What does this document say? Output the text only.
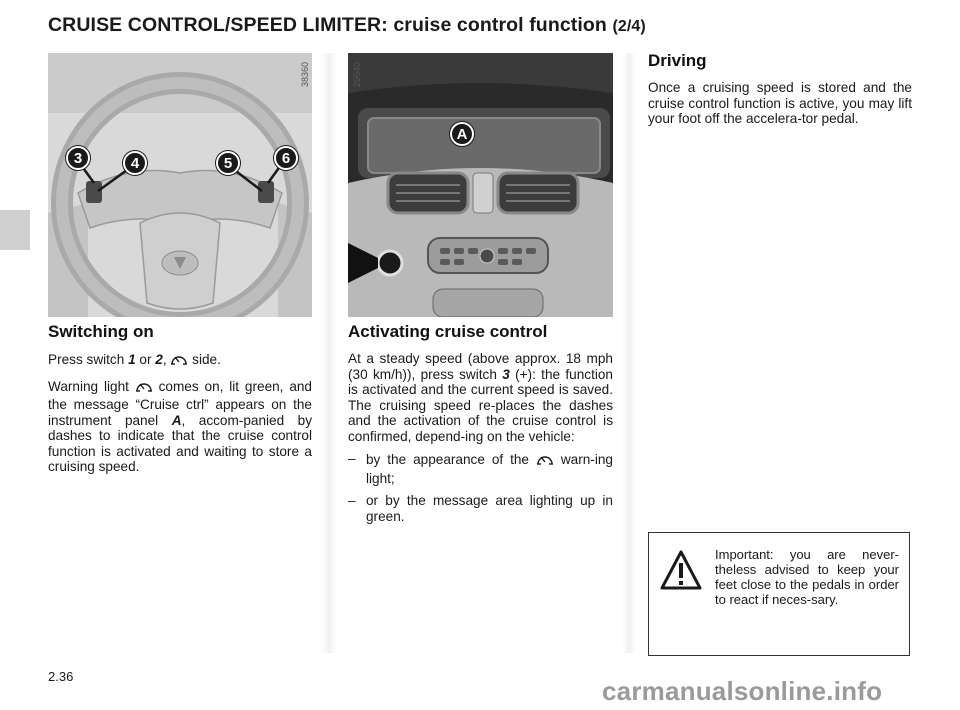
CRUISE CONTROL/SPEED LIMITER: cruise control function (2/4)
38360
3	4	5	6
29540
A
Switching on

Press switch 1 or 2,  side.

Warning light  comes on, lit green, and the message “Cruise ctrl” appears on the instrument panel A, accom-panied by dashes to indicate that the cruise control function is activated and waiting to store a cruising speed.

Activating cruise control

At a steady speed (above approx. 18 mph (30 km/h)), press switch 3 (+): the function is activated and the current speed is saved. The cruising speed re-places the dashes and the activation of the cruise control is confirmed, depend-ing on the vehicle:

– by the appearance of the  warn-ing light;
– or by the message area lighting up in green.
Driving

Once a cruising speed is stored and the cruise control function is active, you may lift your foot off the accelera-tor pedal.

Important: you are never-theless advised to keep your feet close to the pedals in order to react if neces-sary.
2.36	carmanualsonline.info
